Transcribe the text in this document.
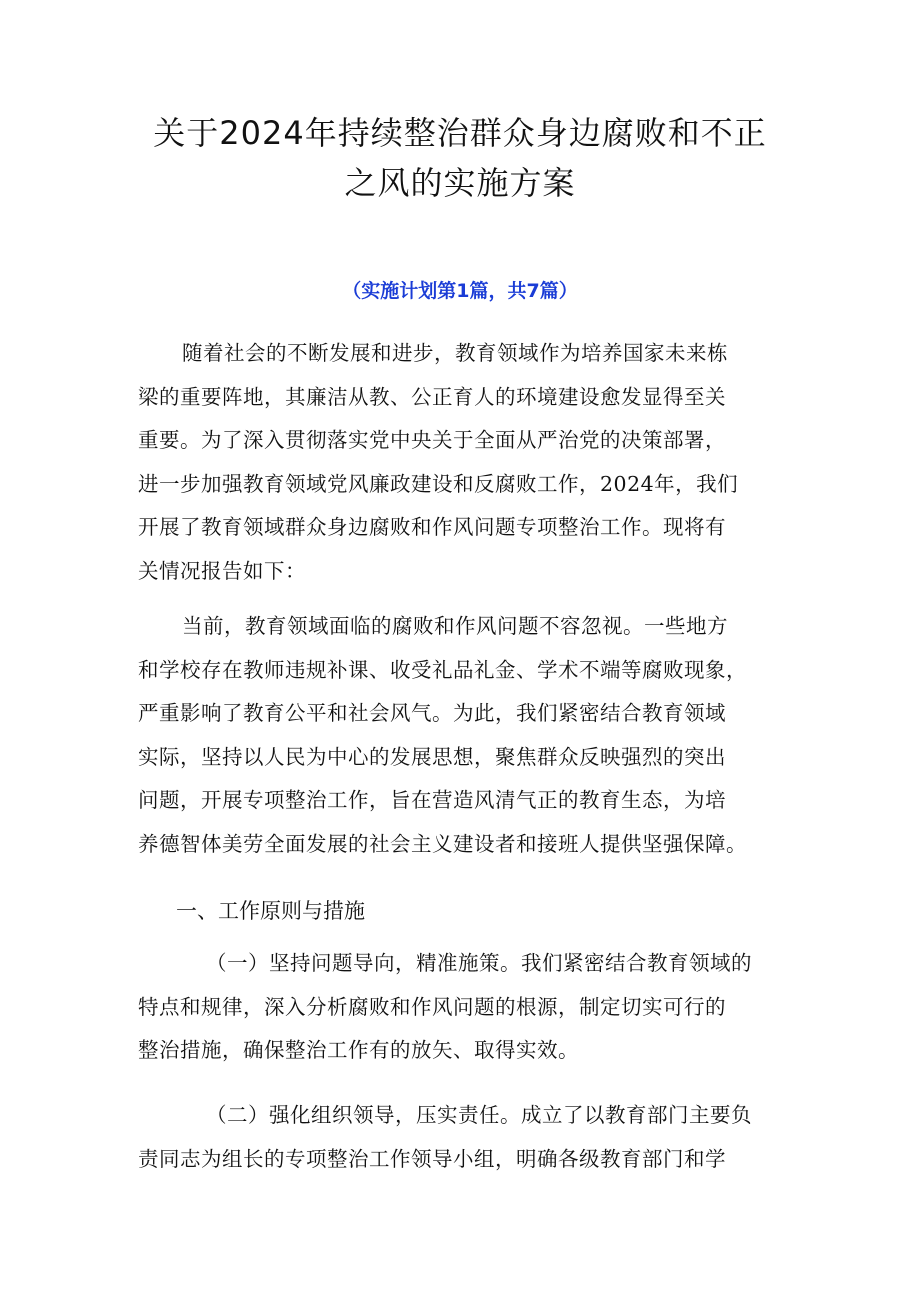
关于2024年持续整治群众身边腐败和不正
之风的实施方案

（实施计划第1篇，共7篇）

随着社会的不断发展和进步，教育领域作为培养国家未来栋
梁的重要阵地，其廉洁从教、公正育人的环境建设愈发显得至关
重要。为了深入贯彻落实党中央关于全面从严治党的决策部署，
进一步加强教育领域党风廉政建设和反腐败工作，2024年，我们
开展了教育领域群众身边腐败和作风问题专项整治工作。现将有
关情况报告如下：

当前，教育领域面临的腐败和作风问题不容忽视。一些地方
和学校存在教师违规补课、收受礼品礼金、学术不端等腐败现象，
严重影响了教育公平和社会风气。为此，我们紧密结合教育领域
实际，坚持以人民为中心的发展思想，聚焦群众反映强烈的突出
问题，开展专项整治工作，旨在营造风清气正的教育生态，为培
养德智体美劳全面发展的社会主义建设者和接班人提供坚强保障。

一、工作原则与措施

（一）坚持问题导向，精准施策。我们紧密结合教育领域的
特点和规律，深入分析腐败和作风问题的根源，制定切实可行的
整治措施，确保整治工作有的放矢、取得实效。

（二）强化组织领导，压实责任。成立了以教育部门主要负
责同志为组长的专项整治工作领导小组，明确各级教育部门和学
